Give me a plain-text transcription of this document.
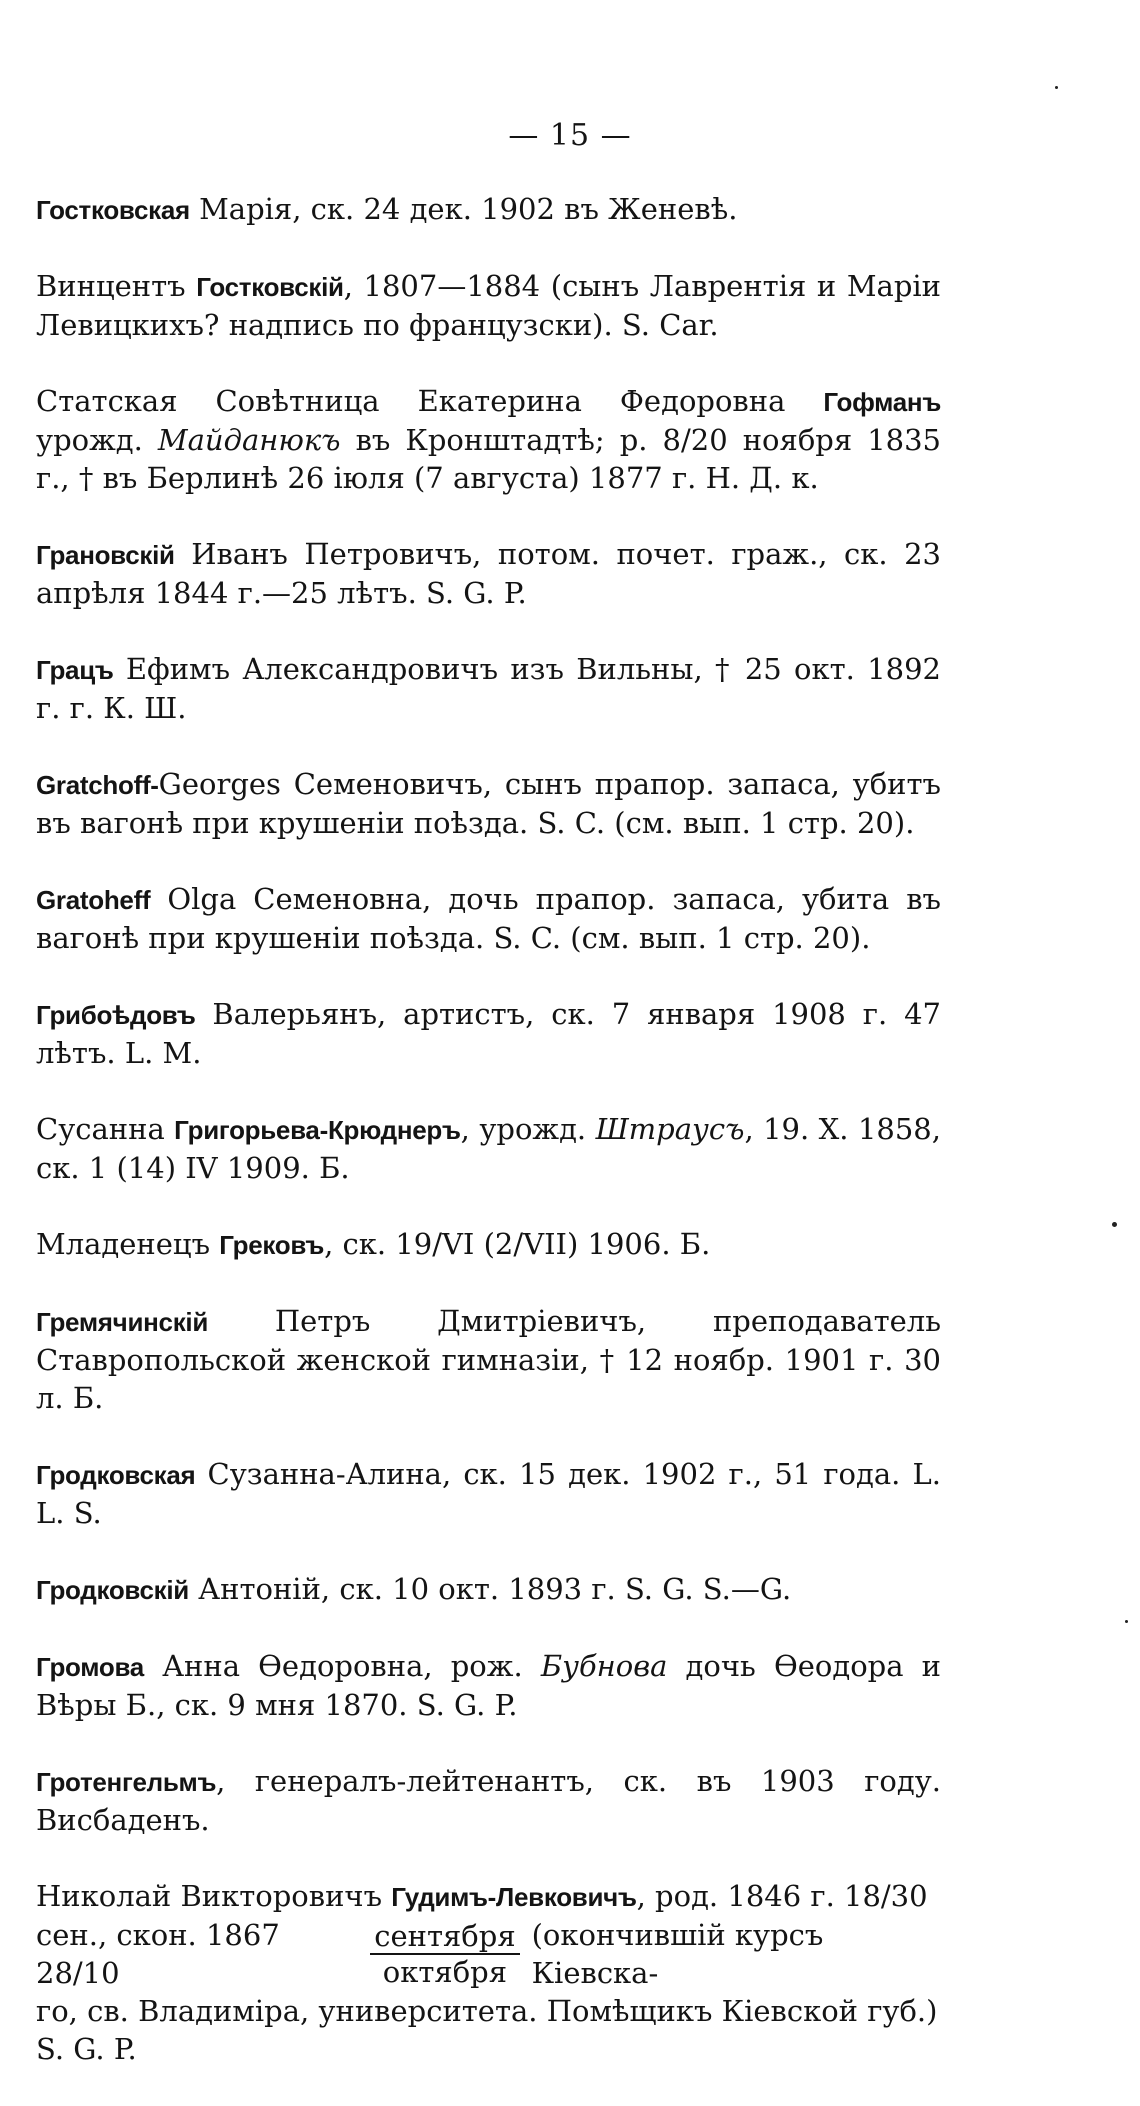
— 15 —

Гостковская Марія, ск. 24 дек. 1902 въ Женевѣ.

Винцентъ Гостковскій, 1807—1884 (сынъ Лаврентія и Маріи Левицкихъ? надпись по французски). S. Car.

Статская Совѣтница Екатерина Федоровна Гофманъ урожд. Майданюкъ въ Кронштадтѣ; р. 8/20 ноября 1835 г., † въ Берлинѣ 26 іюля (7 августа) 1877 г. Н. Д. к.

Грановскій Иванъ Петровичъ, потом. почет. граж., ск. 23 апрѣля 1844 г.—25 лѣтъ. S. G. P.

Грацъ Ефимъ Александровичъ изъ Вильны, † 25 окт. 1892 г. г. К. Ш.

Gratchoff-Georges Семеновичъ, сынъ прапор. запаса, убитъ въ вагонѣ при крушеніи поѣзда. S. C. (см. вып. 1 стр. 20).

Gratoheff Olga Семеновна, дочь прапор. запаса, убита въ вагонѣ при крушеніи поѣзда. S. C. (см. вып. 1 стр. 20).

Грибоѣдовъ Валерьянъ, артистъ, ск. 7 января 1908 г. 47 лѣтъ. L. M.

Сусанна Григорьева-Крюднеръ, урожд. Штраусъ, 19. X. 1858, ск. 1 (14) IV 1909. Б.

Младенецъ Грековъ, ск. 19/VI (2/VII) 1906. Б.

Гремячинскій Петръ Дмитріевичъ, преподаватель Ставропольской женской гимназіи, † 12 ноябр. 1901 г. 30 л. Б.

Гродковская Сузанна-Алина, ск. 15 дек. 1902 г., 51 года. L. L. S.

Гродковскій Антоній, ск. 10 окт. 1893 г. S. G. S.—G.

Громова Анна Өедоровна, рож. Бубнова дочь Өеодора и Вѣры Б., ск. 9 мня 1870. S. G. P.

Гротенгельмъ, генералъ-лейтенантъ, ск. въ 1903 году. Висбаденъ.

Николай Викторовичъ Гудимъ-Левковичъ, род. 1846 г. 18/30
сен., скон. 1867 28/10	$\frac{\text{сентября}}{\text{октября}}$ (окончившій курсъ Кіевска-
го, св. Владиміра, университета. Помѣщикъ Кіевской губ.)
S. G. P.
